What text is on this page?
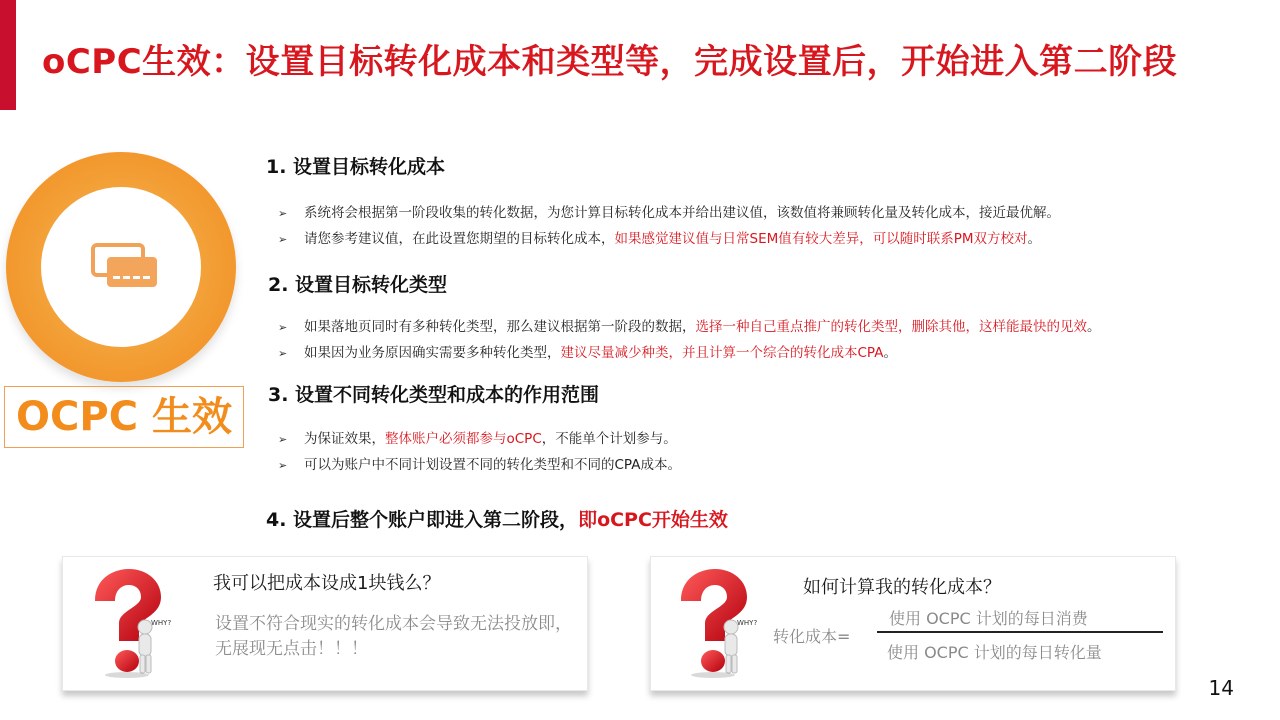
oCPC生效：设置目标转化成本和类型等，完成设置后，开始进入第二阶段
OCPC 生效
1. 设置目标转化成本
➢ 系统将会根据第一阶段收集的转化数据，为您计算目标转化成本并给出建议值，该数值将兼顾转化量及转化成本，接近最优解。
➢ 请您参考建议值，在此设置您期望的目标转化成本，如果感觉建议值与日常SEM值有较大差异，可以随时联系PM双方校对。
2. 设置目标转化类型
➢ 如果落地页同时有多种转化类型，那么建议根据第一阶段的数据，选择一种自己重点推广的转化类型，删除其他，这样能最快的见效。
➢ 如果因为业务原因确实需要多种转化类型，建议尽量减少种类，并且计算一个综合的转化成本CPA。
3. 设置不同转化类型和成本的作用范围
➢ 为保证效果，整体账户必须都参与oCPC，不能单个计划参与。
➢ 可以为账户中不同计划设置不同的转化类型和不同的CPA成本。
4. 设置后整个账户即进入第二阶段，即oCPC开始生效
WHY?
我可以把成本设成1块钱么？
设置不符合现实的转化成本会导致无法投放即，无展现无点击！！！
WHY?
如何计算我的转化成本？
转化成本=
使用 OCPC 计划的每日消费
使用 OCPC 计划的每日转化量
14
